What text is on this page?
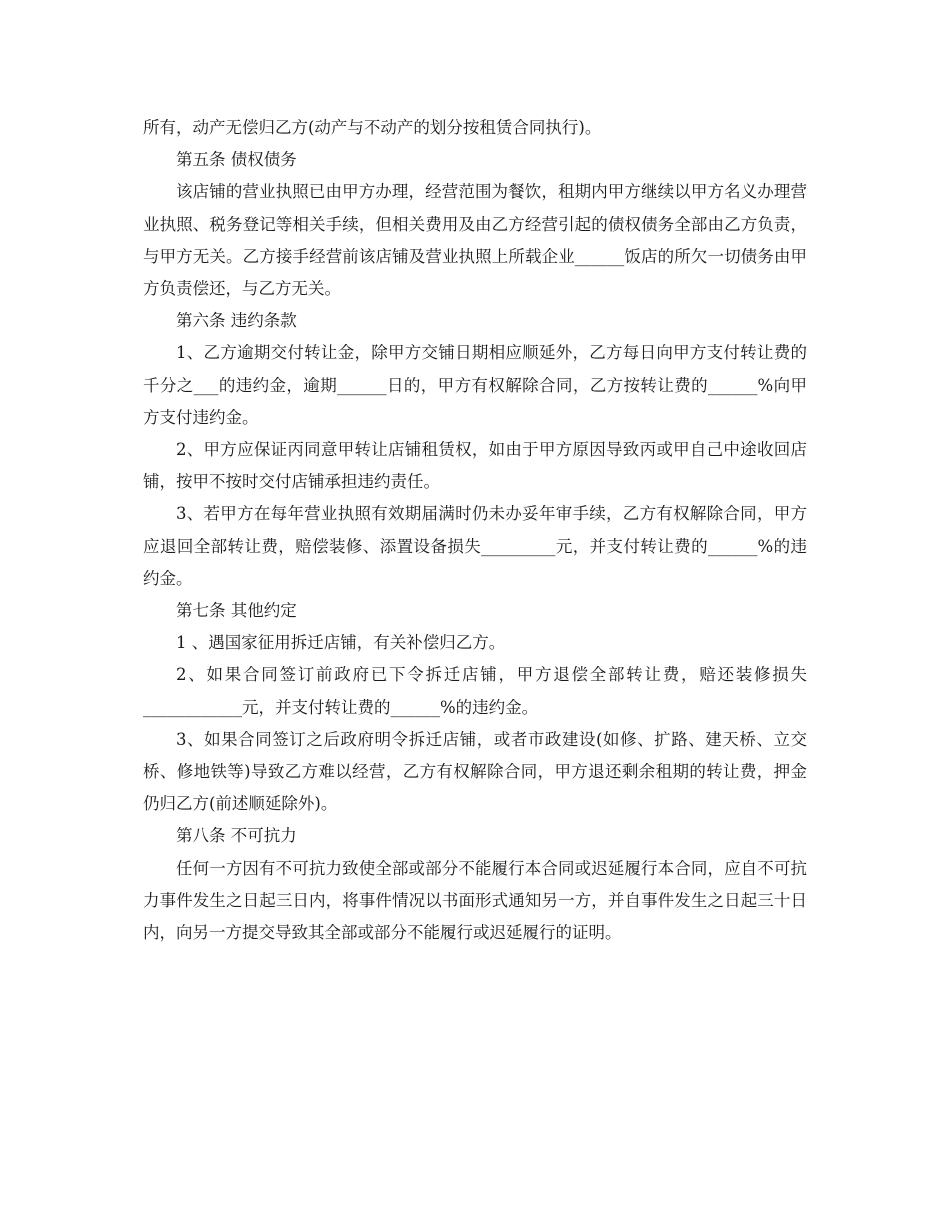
所有，动产无偿归乙方(动产与不动产的划分按租赁合同执行)。

第五条 债权债务

该店铺的营业执照已由甲方办理，经营范围为餐饮，租期内甲方继续以甲方名义办理营业执照、税务登记等相关手续，但相关费用及由乙方经营引起的债权债务全部由乙方负责，与甲方无关。乙方接手经营前该店铺及营业执照上所载企业______饭店的所欠一切债务由甲方负责偿还，与乙方无关。

第六条 违约条款

1、乙方逾期交付转让金，除甲方交铺日期相应顺延外，乙方每日向甲方支付转让费的千分之___的违约金，逾期______日的，甲方有权解除合同，乙方按转让费的______%向甲方支付违约金。

2、甲方应保证丙同意甲转让店铺租赁权，如由于甲方原因导致丙或甲自己中途收回店铺，按甲不按时交付店铺承担违约责任。

3、若甲方在每年营业执照有效期届满时仍未办妥年审手续，乙方有权解除合同，甲方应退回全部转让费，赔偿装修、添置设备损失_________元，并支付转让费的______%的违约金。

第七条 其他约定

1 、遇国家征用拆迁店铺，有关补偿归乙方。

2、如果合同签订前政府已下令拆迁店铺，甲方退偿全部转让费，赔还装修损失____________元，并支付转让费的______%的违约金。

3、如果合同签订之后政府明令拆迁店铺，或者市政建设(如修、扩路、建天桥、立交桥、修地铁等)导致乙方难以经营，乙方有权解除合同，甲方退还剩余租期的转让费，押金仍归乙方(前述顺延除外)。

第八条 不可抗力

任何一方因有不可抗力致使全部或部分不能履行本合同或迟延履行本合同，应自不可抗力事件发生之日起三日内，将事件情况以书面形式通知另一方，并自事件发生之日起三十日内，向另一方提交导致其全部或部分不能履行或迟延履行的证明。
